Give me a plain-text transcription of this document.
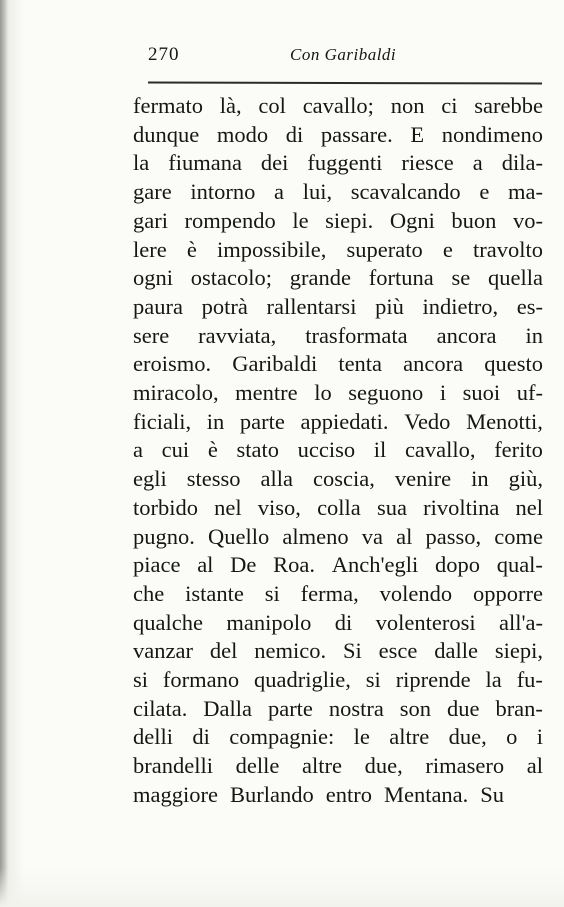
270	Con Garibaldi
fermato là, col cavallo; non ci sarebbe
dunque modo di passare. E nondimeno
la fiumana dei fuggenti riesce a dila-
gare intorno a lui, scavalcando e ma-
gari rompendo le siepi. Ogni buon vo-
lere è impossibile, superato e travolto
ogni ostacolo; grande fortuna se quella
paura potrà rallentarsi più indietro, es-
sere ravviata, trasformata ancora in
eroismo. Garibaldi tenta ancora questo
miracolo, mentre lo seguono i suoi uf-
ficiali, in parte appiedati. Vedo Menotti,
a cui è stato ucciso il cavallo, ferito
egli stesso alla coscia, venire in giù,
torbido nel viso, colla sua rivoltina nel
pugno. Quello almeno va al passo, come
piace al De Roa. Anch'egli dopo qual-
che istante si ferma, volendo opporre
qualche manipolo di volenterosi all'a-
vanzar del nemico. Si esce dalle siepi,
si formano quadriglie, si riprende la fu-
cilata. Dalla parte nostra son due bran-
delli di compagnie: le altre due, o i
brandelli delle altre due, rimasero al
maggiore Burlando entro Mentana. Su
